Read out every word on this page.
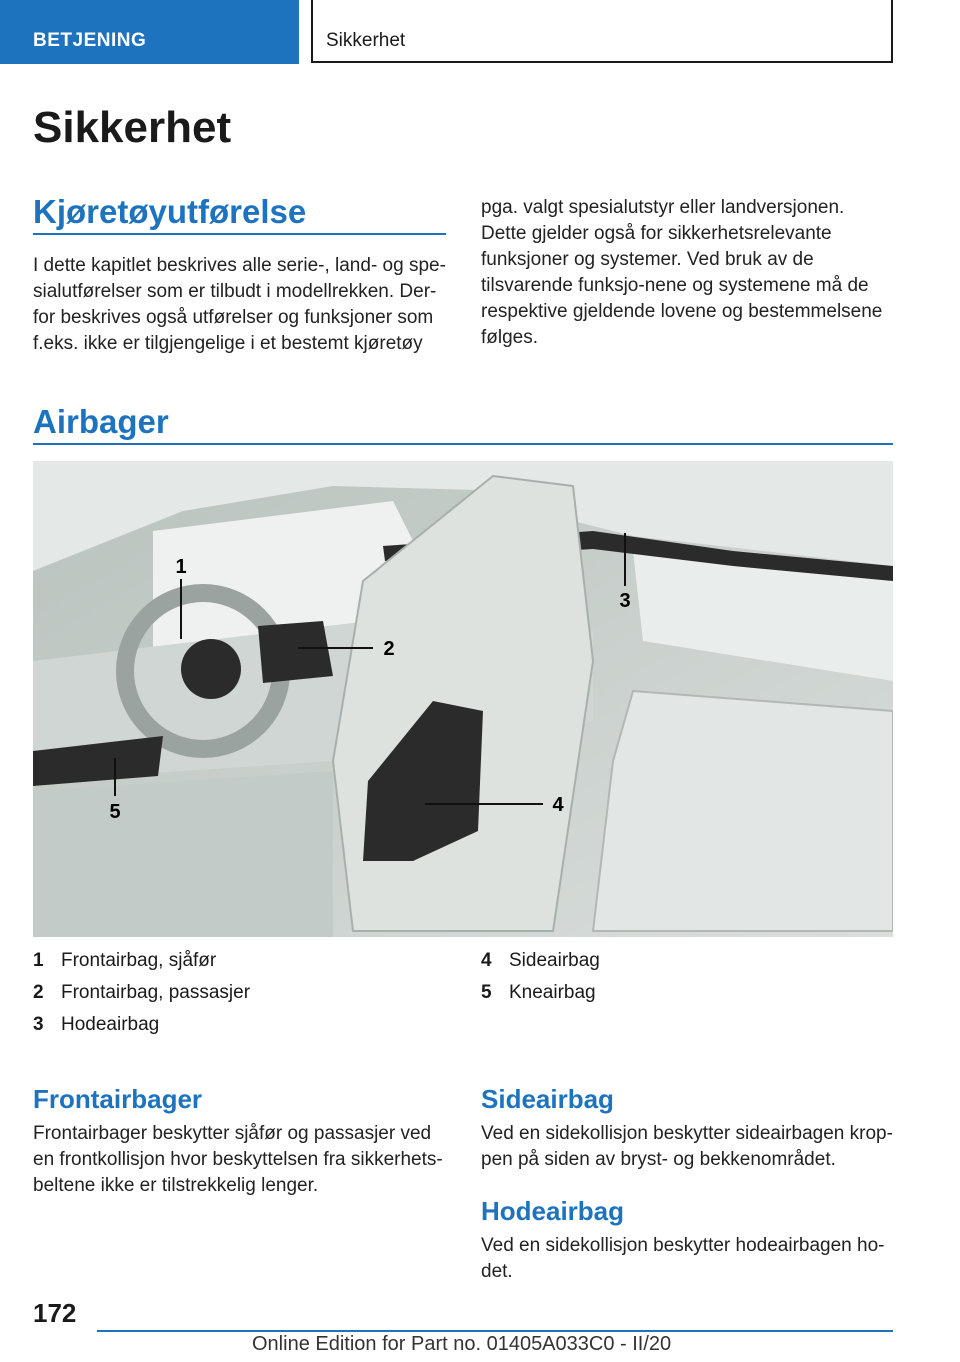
BETJENING	Sikkerhet
Sikkerhet
Kjøretøyutførelse
I dette kapitlet beskrives alle serie-, land- og spe-sialutførelser som er tilbudt i modellrekken. Der-for beskrives også utførelser og funksjoner som f.eks. ikke er tilgjengelige i et bestemt kjøretøy
pga. valgt spesialutstyr eller landversjonen. Dette gjelder også for sikkerhetsrelevante funksjoner og systemer. Ved bruk av de tilsvarende funksjo-nene og systemene må de respektive gjeldende lovene og bestemmelsene følges.
Airbager
1
2
3
4
5
1 Frontairbag, sjåfør
2 Frontairbag, passasjer
3 Hodeairbag
4 Sideairbag
5 Kneairbag
Frontairbager
Frontairbager beskytter sjåfør og passasjer ved en frontkollisjon hvor beskyttelsen fra sikkerhets-beltene ikke er tilstrekkelig lenger.
Sideairbag
Ved en sidekollisjon beskytter sideairbagen krop-pen på siden av bryst- og bekkenområdet.
Hodeairbag
Ved en sidekollisjon beskytter hodeairbagen ho-det.
172
Online Edition for Part no. 01405A033C0 - II/20
